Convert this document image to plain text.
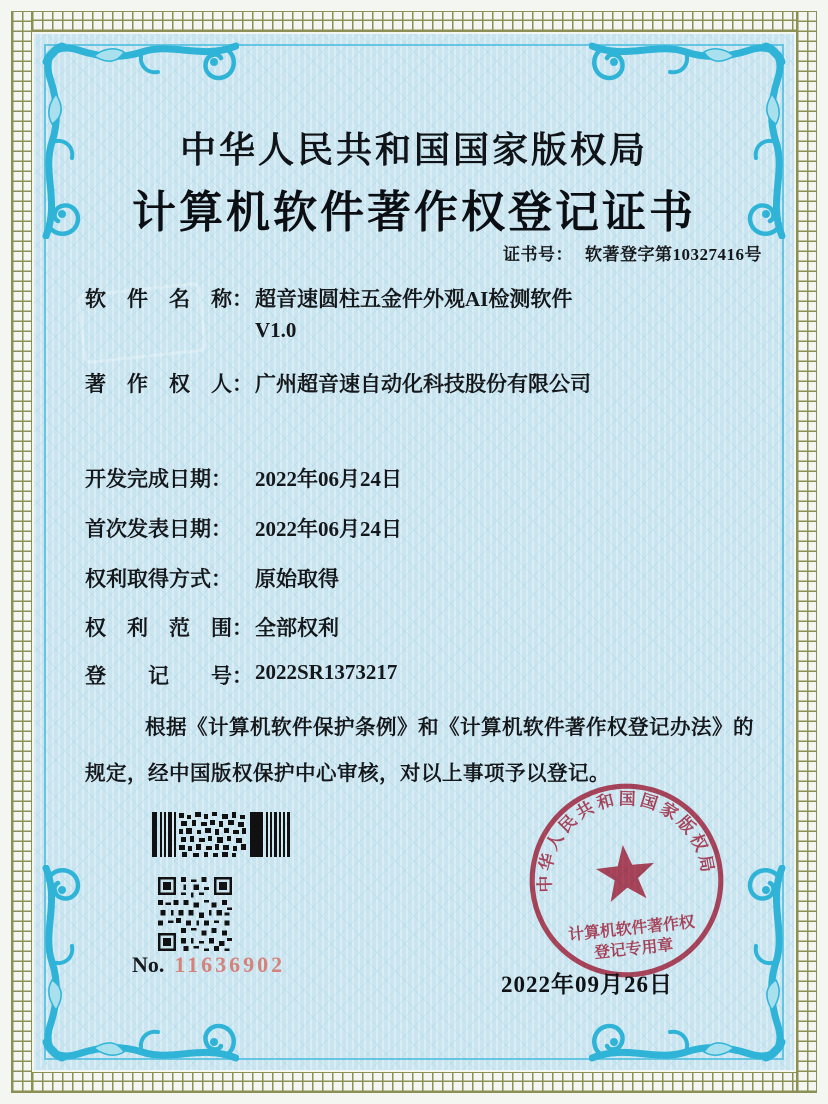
中华人民共和国国家版权局
计算机软件著作权登记证书
证书号： 软著登字第10327416号
软　件　名　称： 超音速圆柱五金件外观AI检测软件
V1.0
著　作　权　人： 广州超音速自动化科技股份有限公司
开发完成日期：	2022年06月24日
首次发表日期：	2022年06月24日
权利取得方式：	原始取得
权　利　范　围： 全部权利
登　　记　　号： 2022SR1373217
根据《计算机软件保护条例》和《计算机软件著作权登记办法》的
规定，经中国版权保护中心审核，对以上事项予以登记。
No. 11636902
中华人民共和国国家版权局
计算机软件著作权
登记专用章
2022年09月26日
